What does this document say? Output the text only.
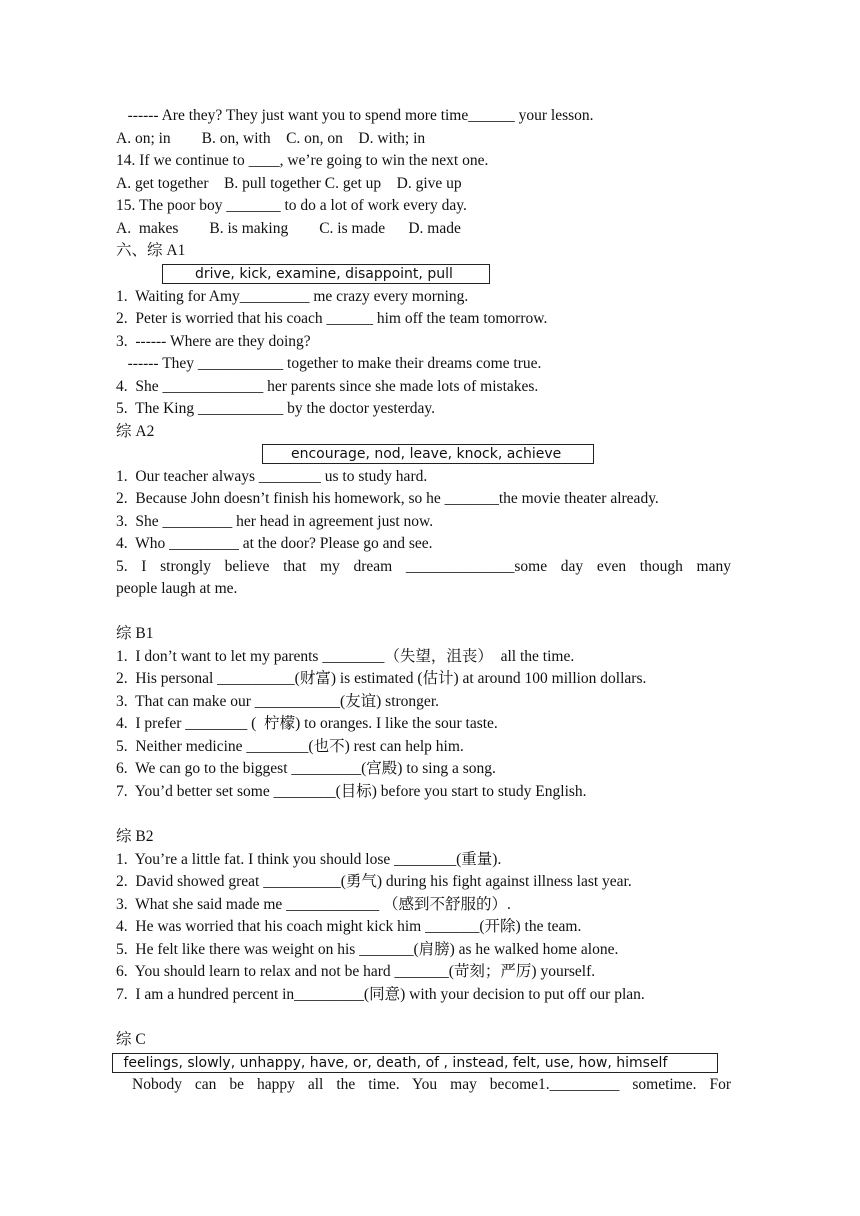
------ Are they? They just want you to spend more time______ your lesson.
A. on; in        B. on, with    C. on, on    D. with; in
14. If we continue to ____, we’re going to win the next one.
A. get together    B. pull together C. get up    D. give up
15. The poor boy _______ to do a lot of work every day.
A.  makes        B. is making        C. is made      D. made
六、综 A1
drive, kick, examine, disappoint, pull
1.  Waiting for Amy_________ me crazy every morning.
2.  Peter is worried that his coach ______ him off the team tomorrow.
3.  ------ Where are they doing?
------ They ___________ together to make their dreams come true.
4.  She _____________ her parents since she made lots of mistakes.
5.  The King ___________ by the doctor yesterday.
综 A2
encourage, nod, leave, knock, achieve
1.  Our teacher always ________ us to study hard.
2.  Because John doesn’t finish his homework, so he _______the movie theater already.
3.  She _________ her head in agreement just now.
4.  Who _________ at the door? Please go and see.
5. I strongly believe that my dream ______________some day even though many
people laugh at me.
综 B1
1.  I don’t want to let my parents ________（失望，沮丧）  all the time.
2.  His personal __________(财富) is estimated (估计) at around 100 million dollars.
3.  That can make our ___________(友谊) stronger.
4.  I prefer ________ (  柠檬) to oranges. I like the sour taste.
5.  Neither medicine ________(也不) rest can help him.
6.  We can go to the biggest _________(宫殿) to sing a song.
7.  You’d better set some ________(目标) before you start to study English.
综 B2
1.  You’re a little fat. I think you should lose ________(重量).
2.  David showed great __________(勇气) during his fight against illness last year.
3.  What she said made me ____________ （感到不舒服的）.
4.  He was worried that his coach might kick him _______(开除) the team.
5.  He felt like there was weight on his _______(肩膀) as he walked home alone.
6.  You should learn to relax and not be hard _______(苛刻；严厉) yourself.
7.  I am a hundred percent in_________(同意) with your decision to put off our plan.
综 C
feelings, slowly, unhappy, have, or, death, of , instead, felt, use, how, himself
Nobody can be happy all the time. You may become1._________ sometime. For
